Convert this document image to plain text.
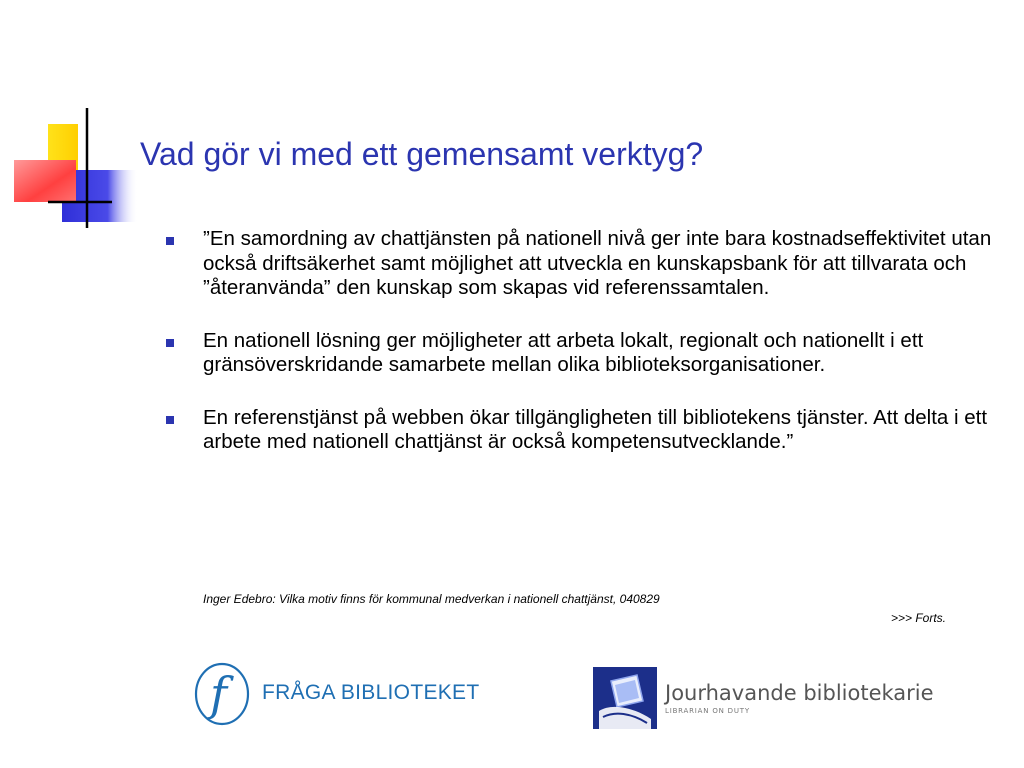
Vad gör vi med ett gemensamt verktyg?
”En samordning av chattjänsten på nationell nivå ger inte bara kostnadseffektivitet utan också driftsäkerhet samt möjlighet att utveckla en kunskapsbank för att tillvarata och ”återanvända” den kunskap som skapas vid referenssamtalen.
En nationell lösning ger möjligheter att arbeta lokalt, regionalt och nationellt i ett gränsöverskridande samarbete mellan olika biblioteksorganisationer.
En referenstjänst på webben ökar tillgängligheten till bibliotekens tjänster. Att delta i ett arbete med nationell chattjänst är också kompetensutvecklande.”
Inger Edebro: Vilka motiv finns för kommunal medverkan i nationell chattjänst, 040829
>>> Forts.
f	FRÅGA BIBLIOTEKET	Jourhavande bibliotekarie
LIBRARIAN ON DUTY
